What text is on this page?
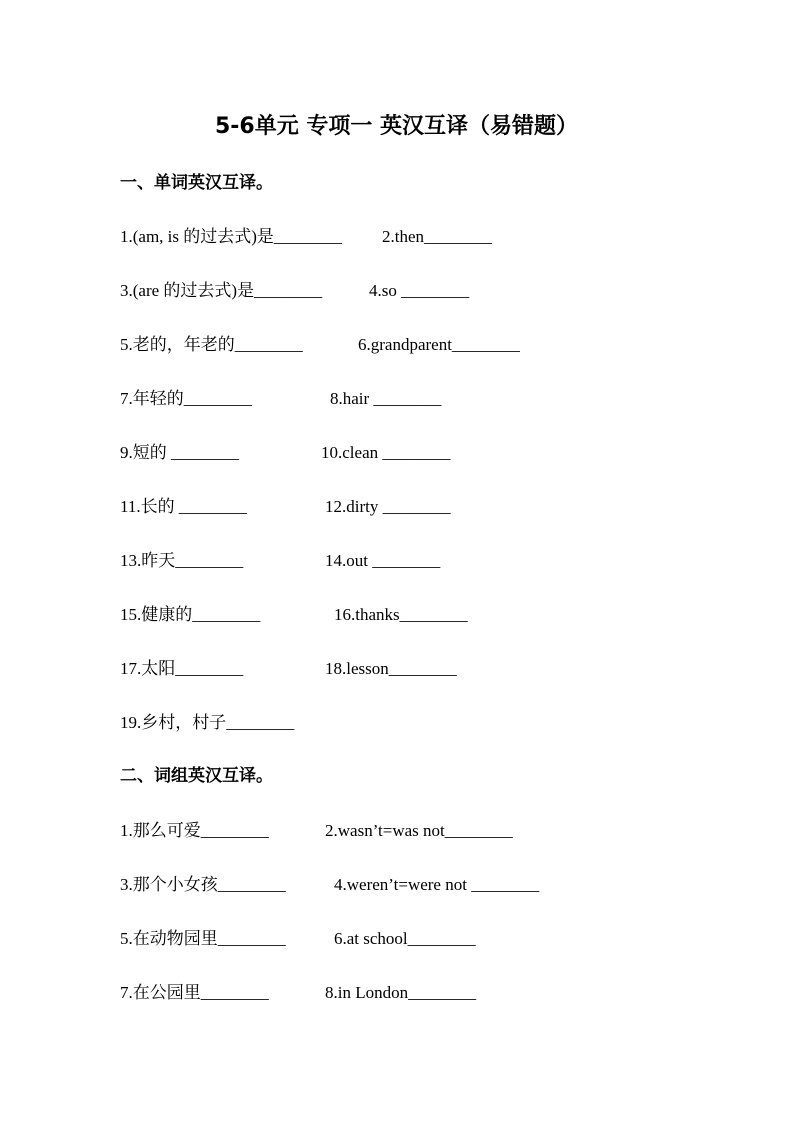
5-6单元 专项一 英汉互译（易错题）
一、单词英汉互译。
1.(am, is 的过去式)是________ 2.then________
3.(are 的过去式)是________	4.so ________
5.老的，年老的________	6.grandparent________
7.年轻的________	8.hair ________
9.短的 ________	10.clean ________
11.长的 ________	12.dirty ________
13.昨天________	14.out ________
15.健康的________	16.thanks________
17.太阳________	18.lesson________
19.乡村，村子________
二、词组英汉互译。
1.那么可爱________	2.wasn’t=was not________
3.那个小女孩________	4.weren’t=were not ________
5.在动物园里________	6.at school________
7.在公园里________	8.in London________
